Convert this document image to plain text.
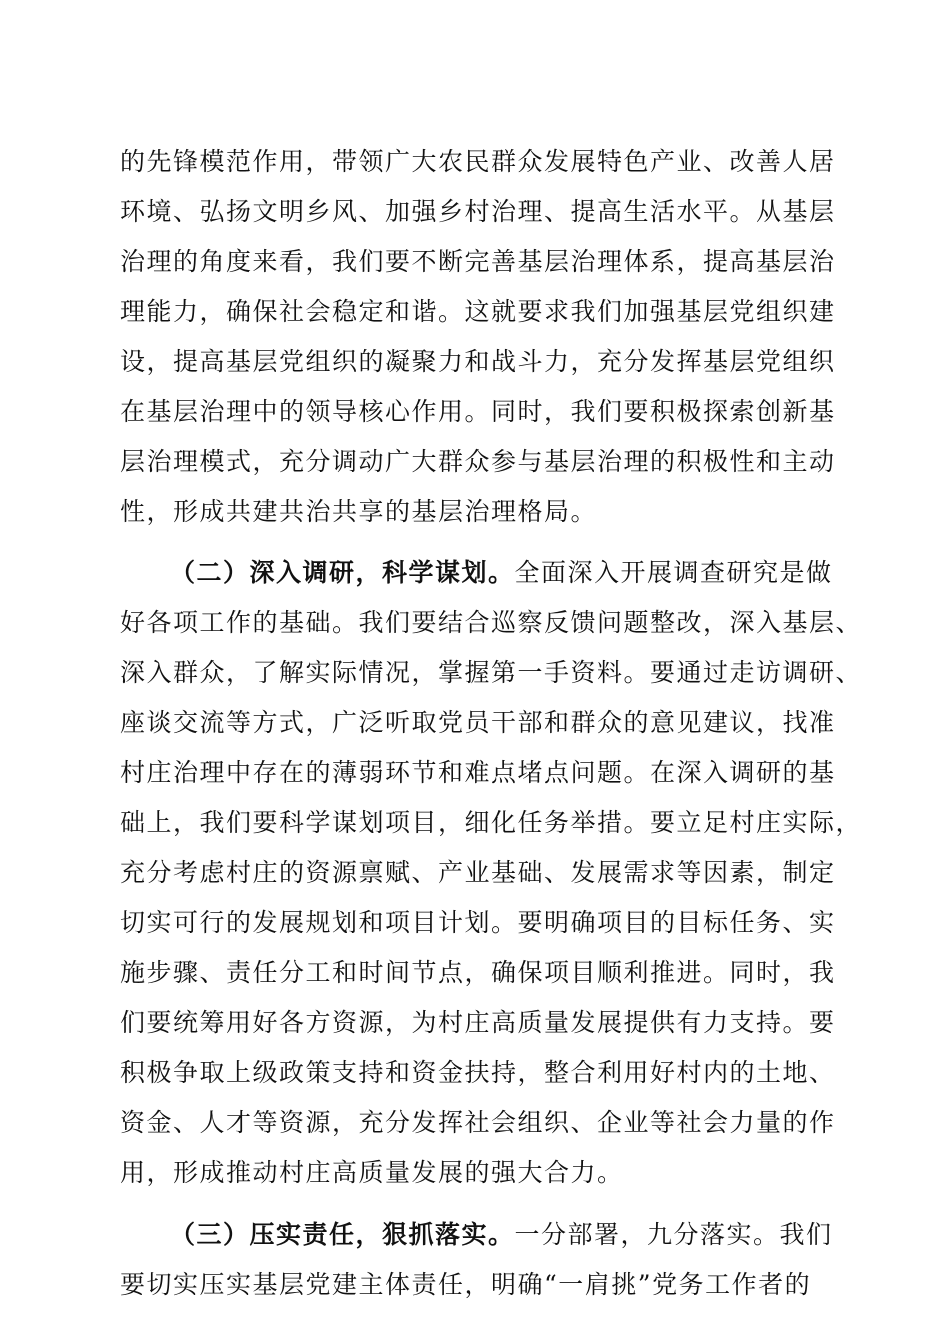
的先锋模范作用，带领广大农民群众发展特色产业、改善人居
环境、弘扬文明乡风、加强乡村治理、提高生活水平。从基层
治理的角度来看，我们要不断完善基层治理体系，提高基层治
理能力，确保社会稳定和谐。这就要求我们加强基层党组织建
设，提高基层党组织的凝聚力和战斗力，充分发挥基层党组织
在基层治理中的领导核心作用。同时，我们要积极探索创新基
层治理模式，充分调动广大群众参与基层治理的积极性和主动
性，形成共建共治共享的基层治理格局。
（二）深入调研，科学谋划。全面深入开展调查研究是做
好各项工作的基础。我们要结合巡察反馈问题整改，深入基层、
深入群众，了解实际情况，掌握第一手资料。要通过走访调研、
座谈交流等方式，广泛听取党员干部和群众的意见建议，找准
村庄治理中存在的薄弱环节和难点堵点问题。在深入调研的基
础上，我们要科学谋划项目，细化任务举措。要立足村庄实际，
充分考虑村庄的资源禀赋、产业基础、发展需求等因素，制定
切实可行的发展规划和项目计划。要明确项目的目标任务、实
施步骤、责任分工和时间节点，确保项目顺利推进。同时，我
们要统筹用好各方资源，为村庄高质量发展提供有力支持。要
积极争取上级政策支持和资金扶持，整合利用好村内的土地、
资金、人才等资源，充分发挥社会组织、企业等社会力量的作
用，形成推动村庄高质量发展的强大合力。
（三）压实责任，狠抓落实。一分部署，九分落实。我们
要切实压实基层党建主体责任，明确“一肩挑”党务工作者的
